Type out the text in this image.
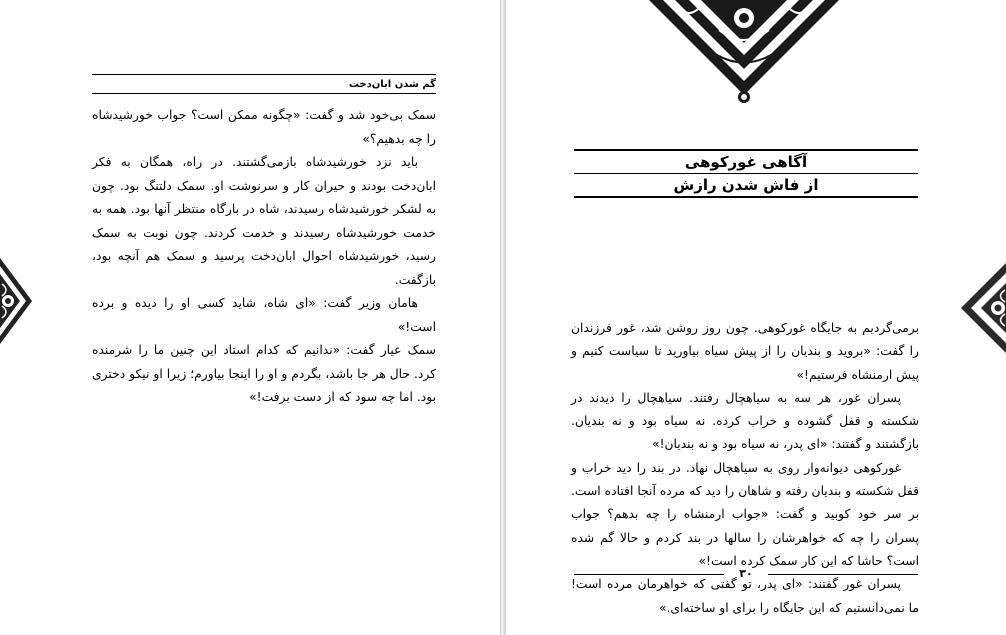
گم شدن ابان‌دخت

سمک بی‌خود شد و گفت: «چگونه ممکن است؟ جواب خورشیدشاه را چه بدهیم؟»

باید نزد خورشیدشاه بازمی‌گشتند. در راه، همگان به فکر ابان‌دخت بودند و حیران کار و سرنوشت او. سمک دلتنگ بود. چون به لشکر خورشیدشاه رسیدند، شاه در بارگاه منتظر آنها بود. همه به خدمت خورشیدشاه رسیدند و خدمت کردند. چون نوبت به سمک رسید، خورشیدشاه احوال ابان‌دخت پرسید و سمک هم آنچه بود، بازگفت.

هامان وزیر گفت: «ای شاه، شاید کسی او را دیده و برده است!»

سمک عیار گفت: «ندانیم که کدام استاد این چنین ما را شرمنده کرد. حال هر جا باشد، بگردم و او را اینجا بیاورم؛ زیرا او نیکو دختری بود. اما چه سود که از دست برفت!»

آگاهی غورکوهی
از فاش شدن رازش

برمی‌گردیم به جایگاه غورکوهی. چون روز روشن شد، غور فرزندان را گفت: «بروید و بندیان را از پیش سیاه بیاورید تا سیاست کنیم و پیش ارمنشاه فرستیم!»

پسران غور، هر سه به سیاهچال رفتند. سیاهچال را دیدند در شکسته و قفل گشوده و خراب کرده. نه سیاه بود و نه بندیان. بازگشتند و گفتند: «ای پدر، نه سیاه بود و نه بندیان!»

غورکوهی دیوانه‌وار روی به سیاهچال نهاد. در بند را دید خراب و قفل شکسته و بندیان رفته و شاهان را دید که مرده آنجا افتاده است. بر سر خود کوبید و گفت: «جواب ارمنشاه را چه بدهم؟ جواب پسران را چه که خواهرشان را سالها در بند کردم و حالا گم شده است؟ حاشا که این کار سمک کرده است!»

پسران غور گفتند: «ای پدر، تو گفتی که خواهرمان مرده است! ما نمی‌دانستیم که این جایگاه را برای او ساخته‌ای.»

۳۰
